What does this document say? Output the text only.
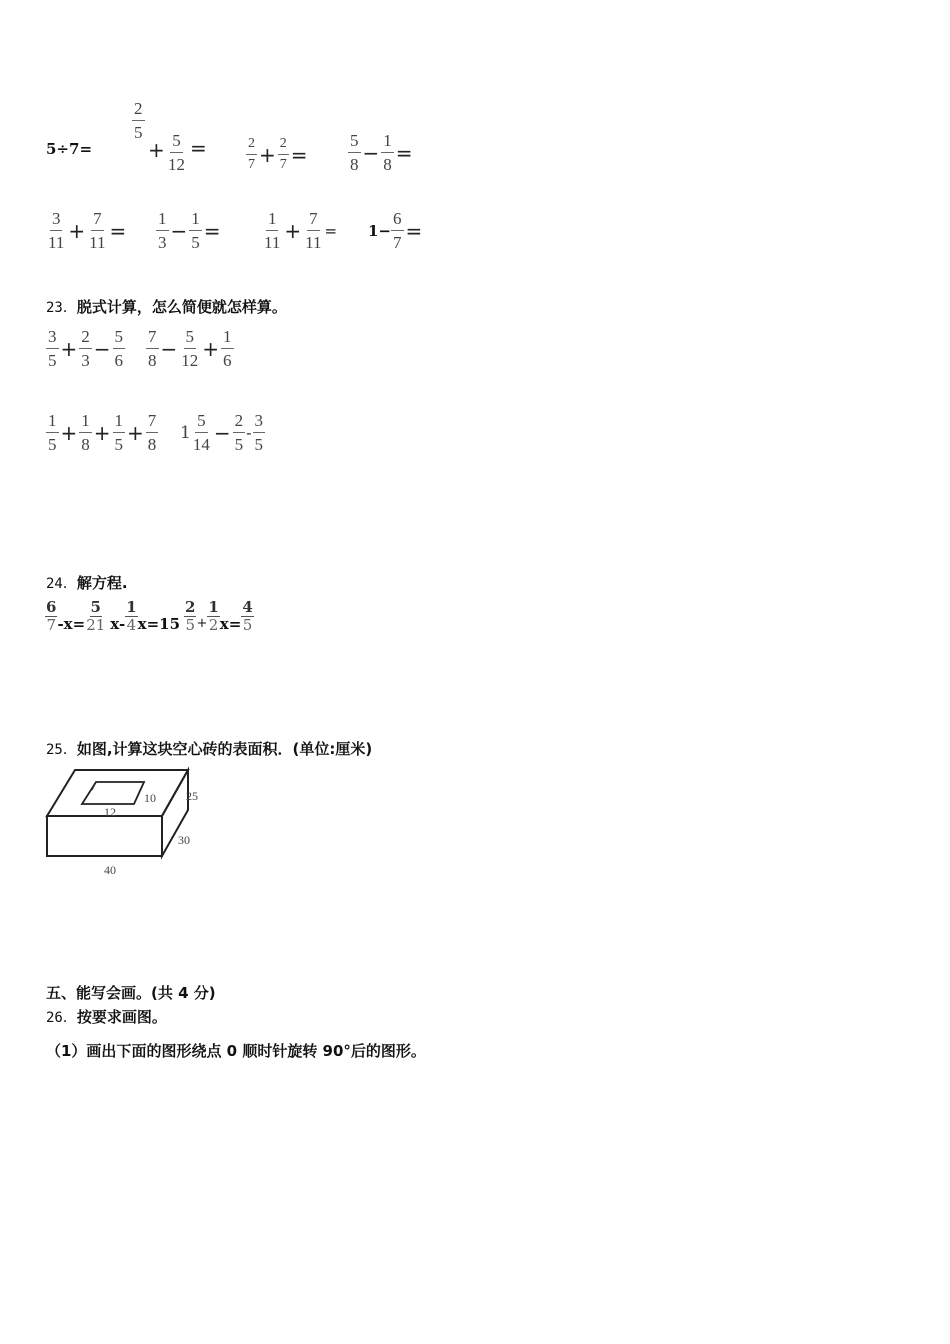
5÷7=
$\frac{2}{5}$
+ $\frac{5}{12}$ =	$\frac{2}{7} + \frac{2}{7} = \frac{5}{8} - \frac{1}{8}$ =
$\frac{3}{11} + \frac{7}{11} = \frac{1}{3} - \frac{1}{5} = \frac{1}{11} + \frac{7}{11} = 1- \frac{6}{7}$ =
23．脱式计算，怎么简便就怎样算。
$\frac{3}{5} + \frac{2}{3} - \frac{5}{6} \frac{7}{8} - \frac{5}{12} + \frac{1}{6}$
$\frac{1}{5} + \frac{1}{8} + \frac{1}{5} + \frac{7}{8} 1 \frac{5}{14} - \frac{2}{5} - \frac{3}{5}$
24．解方程.
$\frac{6}{7} -x= \frac{5}{21} x- \frac{1}{4} x=15 \frac{2}{5} + \frac{1}{2} x= \frac{4}{5}$
25．如图,计算这块空心砖的表面积．(单位:厘米)
12
10	25
30
40
五、能写会画。(共 4 分)
26．按要求画图。
（1）画出下面的图形绕点 0 顺时针旋转 90°后的图形。
